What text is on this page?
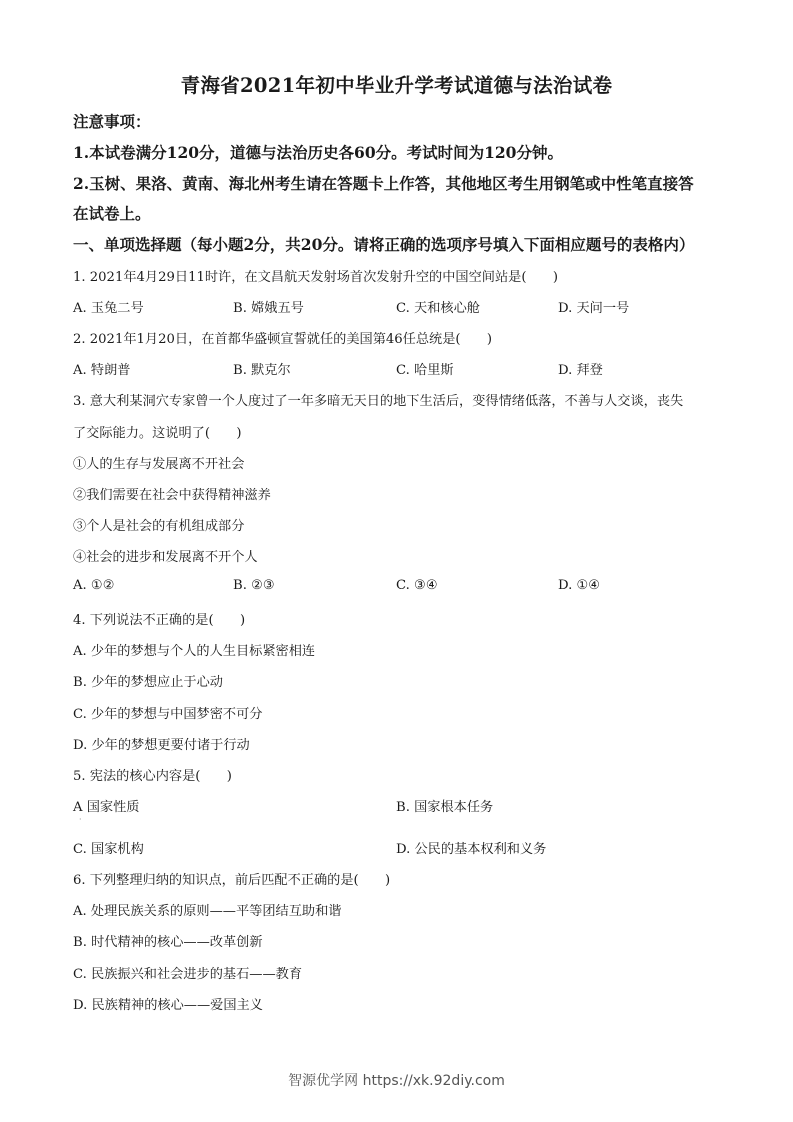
青海省2021年初中毕业升学考试道德与法治试卷
注意事项：
1.本试卷满分120分，道德与法治历史各60分。考试时间为120分钟。
2.玉树、果洛、黄南、海北州考生请在答题卡上作答，其他地区考生用钢笔或中性笔直接答
在试卷上。
一、单项选择题（每小题2分，共20分。请将正确的选项序号填入下面相应题号的表格内）
1. 2021年4月29日11时许，在文昌航天发射场首次发射升空的中国空间站是(　　)
A. 玉兔二号	B. 嫦娥五号	C. 天和核心舱	D. 天问一号
2. 2021年1月20日，在首都华盛顿宣誓就任的美国第46任总统是(　　)
A. 特朗普	B. 默克尔	C. 哈里斯	D. 拜登
3. 意大利某洞穴专家曾一个人度过了一年多暗无天日的地下生活后，变得情绪低落，不善与人交谈，丧失
了交际能力。这说明了(　　)
①人的生存与发展离不开社会
②我们需要在社会中获得精神滋养
③个人是社会的有机组成部分
④社会的进步和发展离不开个人
A. ①②	B. ②③	C. ③④	D. ①④
4. 下列说法不正确的是(　　)
A. 少年的梦想与个人的人生目标紧密相连
B. 少年的梦想应止于心动
C. 少年的梦想与中国梦密不可分
D. 少年的梦想更要付诸于行动
5. 宪法的核心内容是(　　)
A 国家性质	B. 国家根本任务
·
C. 国家机构	D. 公民的基本权利和义务
6. 下列整理归纳的知识点，前后匹配不正确的是(　　)
A. 处理民族关系的原则——平等团结互助和谐
B. 时代精神的核心——改革创新
C. 民族振兴和社会进步的基石——教育
D. 民族精神的核心——爱国主义
智源优学网 https://xk.92diy.com
